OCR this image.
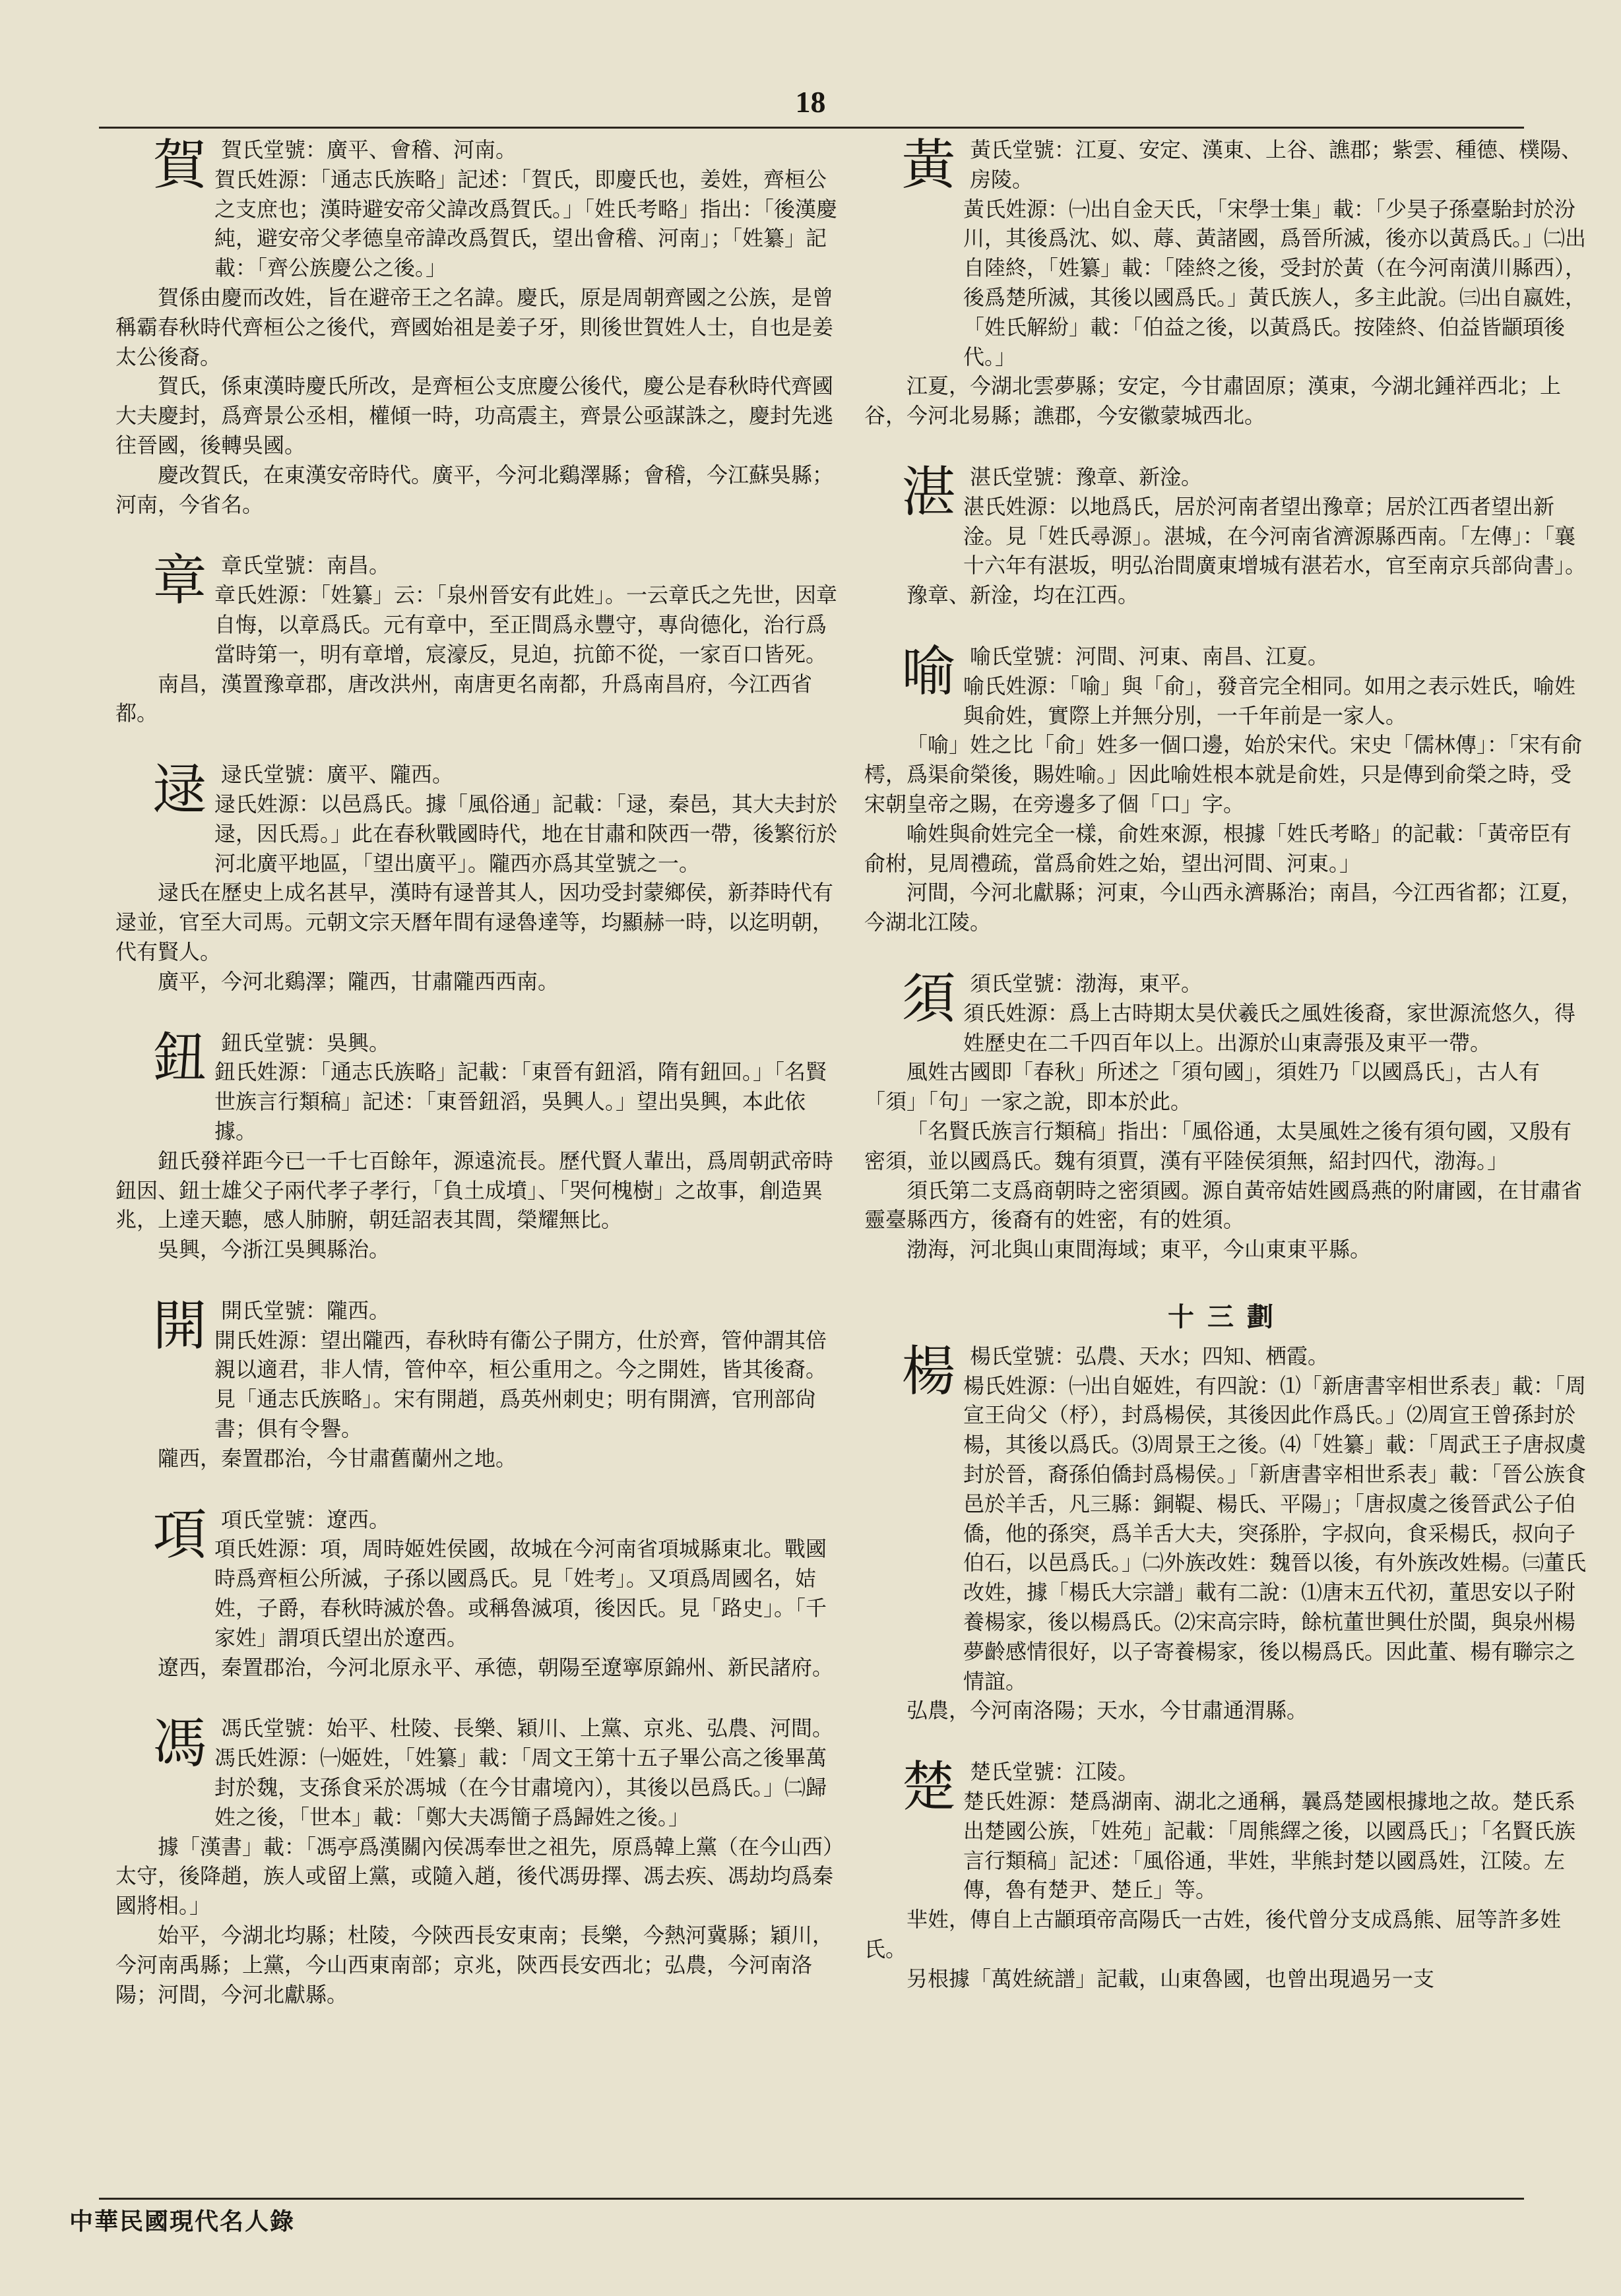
18
賀 賀氏堂號：廣平、會稽、河南。

賀氏姓源：「通志氏族略」記述：「賀氏，即慶氏也，姜姓，齊桓公之支庶也；漢時避安帝父諱改爲賀氏。」「姓氏考略」指出：「後漢慶純，避安帝父孝德皇帝諱改爲賀氏，望出會稽、河南」；「姓纂」記載：「齊公族慶公之後。」

賀係由慶而改姓，旨在避帝王之名諱。慶氏，原是周朝齊國之公族，是曾稱霸春秋時代齊桓公之後代，齊國始祖是姜子牙，則後世賀姓人士，自也是姜太公後裔。

賀氏，係東漢時慶氏所改，是齊桓公支庶慶公後代，慶公是春秋時代齊國大夫慶封，爲齊景公丞相，權傾一時，功高震主，齊景公亟謀誅之，慶封先逃往晉國，後轉吳國。

慶改賀氏，在東漢安帝時代。廣平，今河北鷄澤縣；會稽，今江蘇吳縣；河南，今省名。

章 章氏堂號：南昌。

章氏姓源：「姓纂」云：「泉州晉安有此姓」。一云章氏之先世，因章自悔，以章爲氏。元有章中，至正間爲永豐守，專尙德化，治行爲當時第一，明有章增，宸濠反，見迫，抗節不從，一家百口皆死。

南昌，漢置豫章郡，唐改洪州，南唐更名南都，升爲南昌府，今江西省都。

逯 逯氏堂號：廣平、隴西。

逯氏姓源：以邑爲氏。據「風俗通」記載：「逯，秦邑，其大夫封於逯，因氏焉。」此在春秋戰國時代，地在甘肅和陝西一帶，後繁衍於河北廣平地區，「望出廣平」。隴西亦爲其堂號之一。

逯氏在歷史上成名甚早，漢時有逯普其人，因功受封蒙鄉侯，新莽時代有逯並，官至大司馬。元朝文宗天曆年間有逯魯達等，均顯赫一時，以迄明朝，代有賢人。

廣平，今河北鷄澤；隴西，甘肅隴西西南。

鈕 鈕氏堂號：吳興。

鈕氏姓源：「通志氏族略」記載：「東晉有鈕滔，隋有鈕回。」「名賢世族言行類稿」記述：「東晉鈕滔，吳興人。」望出吳興，本此依據。

鈕氏發祥距今已一千七百餘年，源遠流長。歷代賢人輩出，爲周朝武帝時鈕因、鈕士雄父子兩代孝子孝行，「負土成墳」、「哭何槐樹」之故事，創造異兆，上達天聽，感人肺腑，朝廷詔表其閭，榮耀無比。

吳興，今浙江吳興縣治。

開 開氏堂號：隴西。

開氏姓源：望出隴西，春秋時有衞公子開方，仕於齊，管仲謂其倍親以適君，非人情，管仲卒，桓公重用之。今之開姓，皆其後裔。見「通志氏族略」。宋有開趙，爲英州刺史；明有開濟，官刑部尙書；俱有令譽。

隴西，秦置郡治，今甘肅舊蘭州之地。

項 項氏堂號：遼西。

項氏姓源：項，周時姬姓侯國，故城在今河南省項城縣東北。戰國時爲齊桓公所滅，子孫以國爲氏。見「姓考」。又項爲周國名，姞姓，子爵，春秋時滅於魯。或稱魯滅項，後因氏。見「路史」。「千家姓」謂項氏望出於遼西。

遼西，秦置郡治，今河北原永平、承德，朝陽至遼寧原錦州、新民諸府。

馮 馮氏堂號：始平、杜陵、長樂、穎川、上黨、京兆、弘農、河間。

馮氏姓源：㈠姬姓，「姓纂」載：「周文王第十五子畢公高之後畢萬封於魏，支孫食采於馮城（在今甘肅境內），其後以邑爲氏。」㈡歸姓之後，「世本」載：「鄭大夫馮簡子爲歸姓之後。」

據「漢書」載：「馮亭爲漢關內侯馮奉世之祖先，原爲韓上黨（在今山西）太守，後降趙，族人或留上黨，或隨入趙，後代馮毋擇、馮去疾、馮劫均爲秦國將相。」

始平，今湖北均縣；杜陵，今陝西長安東南；長樂，今熱河冀縣；穎川，今河南禹縣；上黨，今山西東南部；京兆，陝西長安西北；弘農，今河南洛陽；河間，今河北獻縣。

黃 黃氏堂號：江夏、安定、漢東、上谷、譙郡；紫雲、種德、樸陽、房陵。

黃氏姓源：㈠出自金天氏，「宋學士集」載：「少昊子孫臺駘封於汾川，其後爲沈、姒、蓐、黃諸國，爲晉所滅，後亦以黃爲氏。」㈡出自陸終，「姓纂」載：「陸終之後，受封於黃（在今河南潢川縣西），後爲楚所滅，其後以國爲氏。」黃氏族人，多主此說。㈢出自嬴姓，「姓氏解紛」載：「伯益之後，以黃爲氏。按陸終、伯益皆顓頊後代。」

江夏，今湖北雲夢縣；安定，今甘肅固原；漢東，今湖北鍾祥西北；上谷，今河北易縣；譙郡，今安徽蒙城西北。

湛 湛氏堂號：豫章、新淦。

湛氏姓源：以地爲氏，居於河南者望出豫章；居於江西者望出新淦。見「姓氏尋源」。湛城，在今河南省濟源縣西南。「左傳」：「襄十六年有湛坂，明弘治間廣東增城有湛若水，官至南京兵部尙書」。

豫章、新淦，均在江西。

喻 喻氏堂號：河間、河東、南昌、江夏。

喻氏姓源：「喻」與「俞」，發音完全相同。如用之表示姓氏，喻姓與俞姓，實際上并無分別，一千年前是一家人。

「喻」姓之比「俞」姓多一個口邊，始於宋代。宋史「儒林傳」：「宋有俞樗，爲渠俞榮後，賜姓喻。」因此喻姓根本就是俞姓，只是傳到俞榮之時，受宋朝皇帝之賜，在旁邊多了個「口」字。

喻姓與俞姓完全一樣，俞姓來源，根據「姓氏考略」的記載：「黃帝臣有俞柎，見周禮疏，當爲俞姓之始，望出河間、河東。」

河間，今河北獻縣；河東，今山西永濟縣治；南昌，今江西省都；江夏，今湖北江陵。

須 須氏堂號：渤海，東平。

須氏姓源：爲上古時期太昊伏羲氏之風姓後裔，家世源流悠久，得姓歷史在二千四百年以上。出源於山東壽張及東平一帶。

風姓古國即「春秋」所述之「須句國」，須姓乃「以國爲氏」，古人有「須」「句」一家之說，即本於此。

「名賢氏族言行類稿」指出：「風俗通，太昊風姓之後有須句國，又殷有密須，並以國爲氏。魏有須賈，漢有平陸侯須無，紹封四代，渤海。」

須氏第二支爲商朝時之密須國。源自黃帝姞姓國爲燕的附庸國，在甘肅省靈臺縣西方，後裔有的姓密，有的姓須。

渤海，河北與山東間海域；東平，今山東東平縣。

十三劃
楊 楊氏堂號：弘農、天水；四知、栖霞。

楊氏姓源：㈠出自姬姓，有四說：⑴「新唐書宰相世系表」載：「周宣王尙父（杼），封爲楊侯，其後因此作爲氏。」⑵周宣王曾孫封於楊，其後以爲氏。⑶周景王之後。⑷「姓纂」載：「周武王子唐叔虞封於晉，裔孫伯僑封爲楊侯。」「新唐書宰相世系表」載：「晉公族食邑於羊舌，凡三縣：銅鞮、楊氏、平陽」；「唐叔虞之後晉武公子伯僑，他的孫突，爲羊舌大夫，突孫肸，字叔向，食采楊氏，叔向子伯石，以邑爲氏。」㈡外族改姓：魏晉以後，有外族改姓楊。㈢董氏改姓，據「楊氏大宗譜」載有二說：⑴唐末五代初，董思安以子附養楊家，後以楊爲氏。⑵宋高宗時，餘杭董世興仕於閩，與泉州楊夢齡感情很好，以子寄養楊家，後以楊爲氏。因此董、楊有聯宗之情誼。

弘農，今河南洛陽；天水，今甘肅通渭縣。

楚 楚氏堂號：江陵。

楚氏姓源：楚爲湖南、湖北之通稱，曩爲楚國根據地之故。楚氏系出楚國公族，「姓苑」記載：「周熊繹之後，以國爲氏」；「名賢氏族言行類稿」記述：「風俗通，芈姓，芈熊封楚以國爲姓，江陵。左傳，魯有楚尹、楚丘」等。

芈姓，傳自上古顓頊帝高陽氏一古姓，後代曾分支成爲熊、屈等許多姓氏。

另根據「萬姓統譜」記載，山東魯國，也曾出現過另一支

中華民國現代名人錄
